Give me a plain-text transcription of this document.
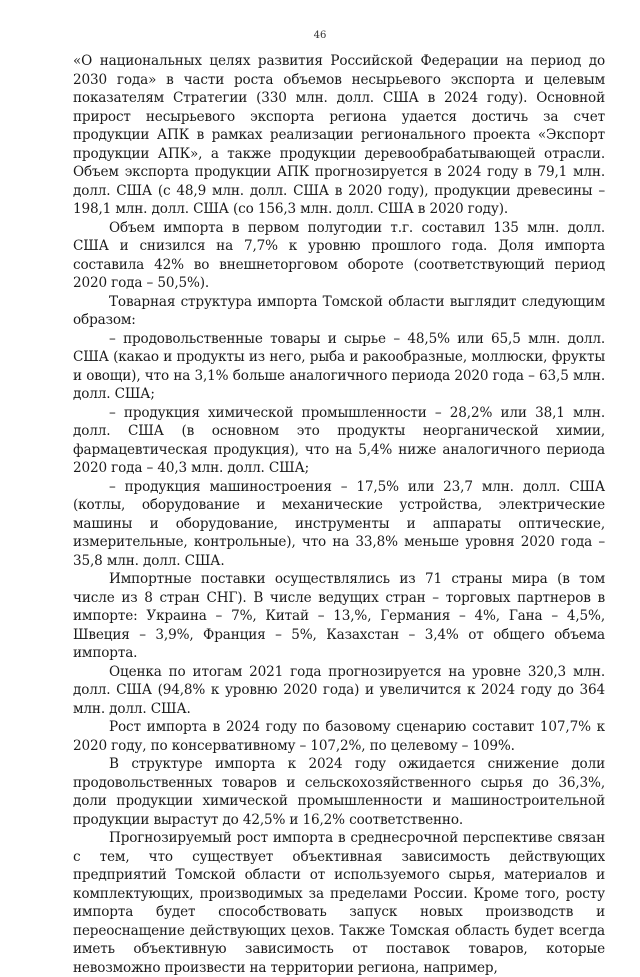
46

«О национальных целях развития Российской Федерации на период до 2030 года» в части роста объемов несырьевого экспорта и целевым показателям Стратегии (330 млн. долл. США в 2024 году). Основной прирост несырьевого экспорта региона удается достичь за счет продукции АПК в рамках реализации регионального проекта «Экспорт продукции АПК», а также продукции деревообрабатывающей отрасли. Объем экспорта продукции АПК прогнозируется в 2024 году в 79,1 млн. долл. США (с 48,9 млн. долл. США в 2020 году), продукции древесины – 198,1 млн. долл. США (со 156,3 млн. долл. США в 2020 году).

Объем импорта в первом полугодии т.г. составил 135 млн. долл. США и снизился на 7,7% к уровню прошлого года. Доля импорта составила 42% во внешнеторговом обороте (соответствующий период 2020 года – 50,5%).

Товарная структура импорта Томской области выглядит следующим образом:

– продовольственные товары и сырье – 48,5% или 65,5 млн. долл. США (какао и продукты из него, рыба и ракообразные, моллюски, фрукты и овощи), что на 3,1% больше аналогичного периода 2020 года – 63,5 млн. долл. США;

– продукция химической промышленности – 28,2% или 38,1 млн. долл. США (в основном это продукты неорганической химии, фармацевтическая продукция), что на 5,4% ниже аналогичного периода 2020 года – 40,3 млн. долл. США;

– продукция машиностроения – 17,5% или 23,7 млн. долл. США (котлы, оборудование и механические устройства, электрические машины и оборудование, инструменты и аппараты оптические, измерительные, контрольные), что на 33,8% меньше уровня 2020 года – 35,8 млн. долл. США.

Импортные поставки осуществлялись из 71 страны мира (в том числе из 8 стран СНГ). В числе ведущих стран – торговых партнеров в импорте: Украина – 7%, Китай – 13,%, Германия – 4%, Гана – 4,5%, Швеция – 3,9%, Франция – 5%, Казахстан – 3,4% от общего объема импорта.

Оценка по итогам 2021 года прогнозируется на уровне 320,3 млн. долл. США (94,8% к уровню 2020 года) и увеличится к 2024 году до 364 млн. долл. США.

Рост импорта в 2024 году по базовому сценарию составит 107,7% к 2020 году, по консервативному – 107,2%, по целевому – 109%.

В структуре импорта к 2024 году ожидается снижение доли продовольственных товаров и сельскохозяйственного сырья до 36,3%, доли продукции химической промышленности и машиностроительной продукции вырастут до 42,5% и 16,2% соответственно.

Прогнозируемый рост импорта в среднесрочной перспективе связан с тем, что существует объективная зависимость действующих предприятий Томской области от используемого сырья, материалов и комплектующих, производимых за пределами России. Кроме того, росту импорта будет способствовать запуск новых производств и переоснащение действующих цехов. Также Томская область будет всегда иметь объективную зависимость от поставок товаров, которые невозможно произвести на территории региона, например,
